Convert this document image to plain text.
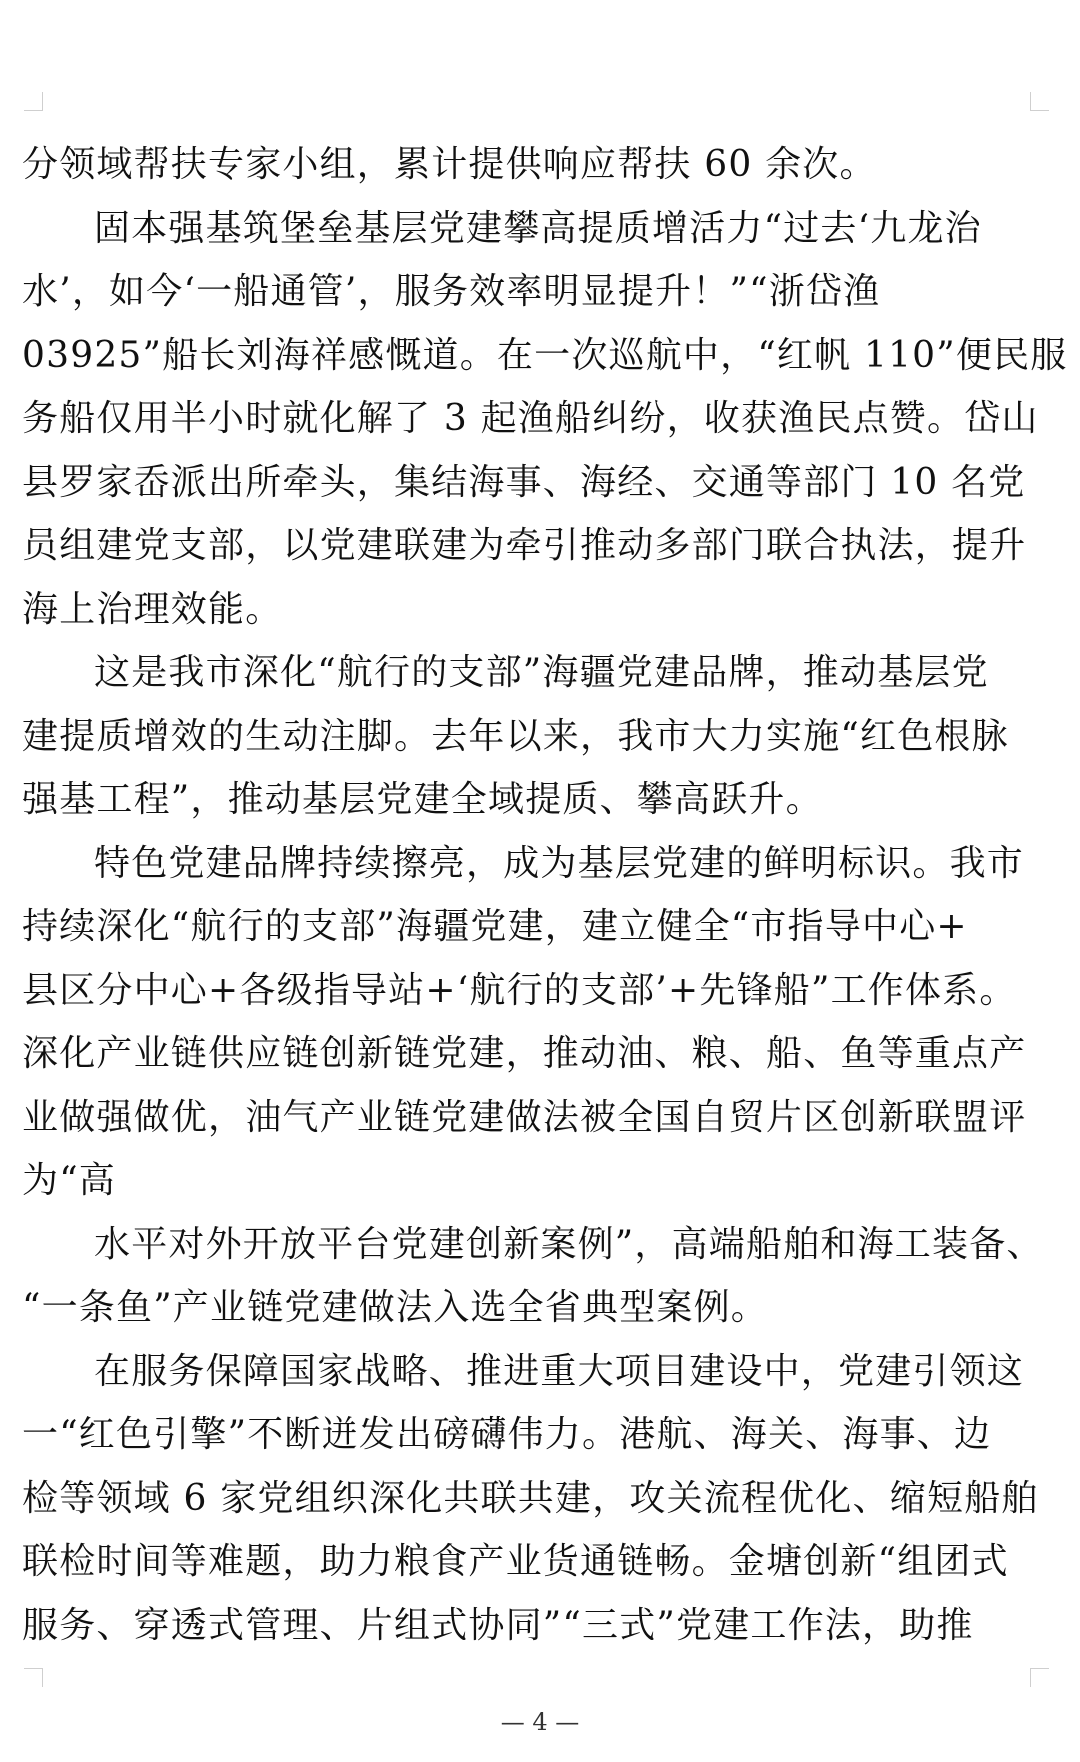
分领域帮扶专家小组，累计提供响应帮扶 60 余次。
固本强基筑堡垒基层党建攀高提质增活力“过去‘九龙治
水’，如今‘一船通管’，服务效率明显提升！”“浙岱渔
03925”船长刘海祥感慨道。在一次巡航中，“红帆 110”便民服
务船仅用半小时就化解了 3 起渔船纠纷，收获渔民点赞。岱山
县罗家岙派出所牵头，集结海事、海经、交通等部门 10 名党
员组建党支部，以党建联建为牵引推动多部门联合执法，提升
海上治理效能。
这是我市深化“航行的支部”海疆党建品牌，推动基层党
建提质增效的生动注脚。去年以来，我市大力实施“红色根脉
强基工程”，推动基层党建全域提质、攀高跃升。
特色党建品牌持续擦亮，成为基层党建的鲜明标识。我市
持续深化“航行的支部”海疆党建，建立健全“市指导中心+
县区分中心+各级指导站+‘航行的支部’+先锋船”工作体系。
深化产业链供应链创新链党建，推动油、粮、船、鱼等重点产
业做强做优，油气产业链党建做法被全国自贸片区创新联盟评
为“高
水平对外开放平台党建创新案例”，高端船舶和海工装备、
“一条鱼”产业链党建做法入选全省典型案例。
在服务保障国家战略、推进重大项目建设中，党建引领这
一“红色引擎”不断迸发出磅礴伟力。港航、海关、海事、边
检等领域 6 家党组织深化共联共建，攻关流程优化、缩短船舶
联检时间等难题，助力粮食产业货通链畅。金塘创新“组团式
服务、穿透式管理、片组式协同”“三式”党建工作法，助推
— 4 —
